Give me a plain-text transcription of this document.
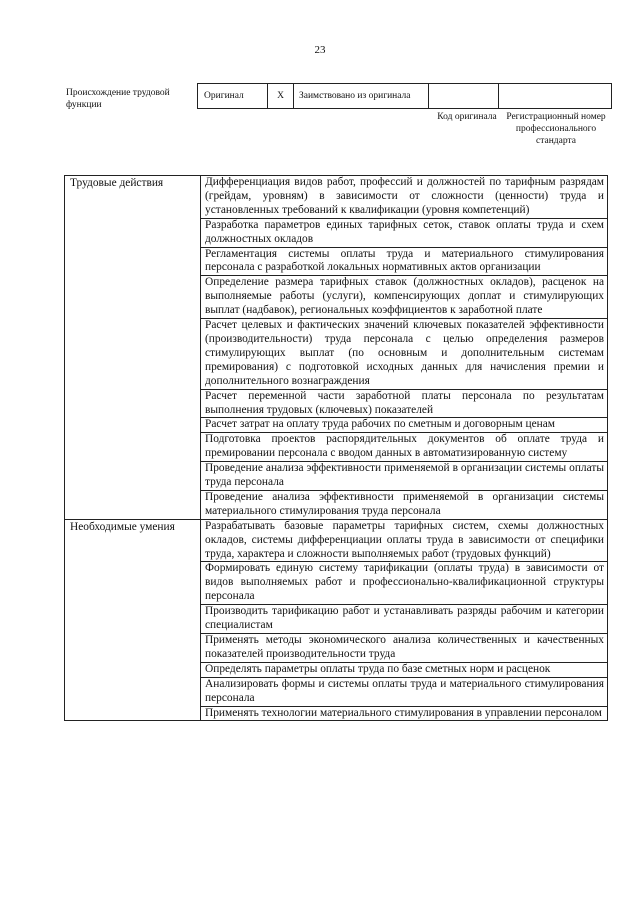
23
Происхождение трудовой функции
Оригинал	X	Заимствовано из оригинала
Код оригинала	Регистрационный номер профессионального стандарта
Трудовые действия	Дифференциация видов работ, профессий и должностей по тарифным разрядам (грейдам, уровням) в зависимости от сложности (ценности) труда и установленных требований к квалификации (уровня компетенций)
	Разработка параметров единых тарифных сеток, ставок оплаты труда и схем должностных окладов
	Регламентация системы оплаты труда и материального стимулирования персонала с разработкой локальных нормативных актов организации
	Определение размера тарифных ставок (должностных окладов), расценок на выполняемые работы (услуги), компенсирующих доплат и стимулирующих выплат (надбавок), региональных коэффициентов к заработной плате
	Расчет целевых и фактических значений ключевых показателей эффективности (производительности) труда персонала с целью определения размеров стимулирующих выплат (по основным и дополнительным системам премирования) с подготовкой исходных данных для начисления премии и дополнительного вознаграждения
	Расчет переменной части заработной платы персонала по результатам выполнения трудовых (ключевых) показателей
	Расчет затрат на оплату труда рабочих по сметным и договорным ценам
	Подготовка проектов распорядительных документов об оплате труда и премировании персонала с вводом данных в автоматизированную систему
	Проведение анализа эффективности применяемой в организации системы оплаты труда персонала
	Проведение анализа эффективности применяемой в организации системы материального стимулирования труда персонала
Необходимые умения	Разрабатывать базовые параметры тарифных систем, схемы должностных окладов, системы дифференциации оплаты труда в зависимости от специфики труда, характера и сложности выполняемых работ (трудовых функций)
	Формировать единую систему тарификации (оплаты труда) в зависимости от видов выполняемых работ и профессионально-квалификационной структуры персонала
	Производить тарификацию работ и устанавливать разряды рабочим и категории специалистам
	Применять методы экономического анализа количественных и качественных показателей производительности труда
	Определять параметры оплаты труда по базе сметных норм и расценок
	Анализировать формы и системы оплаты труда и материального стимулирования персонала
	Применять технологии материального стимулирования в управлении персоналом
